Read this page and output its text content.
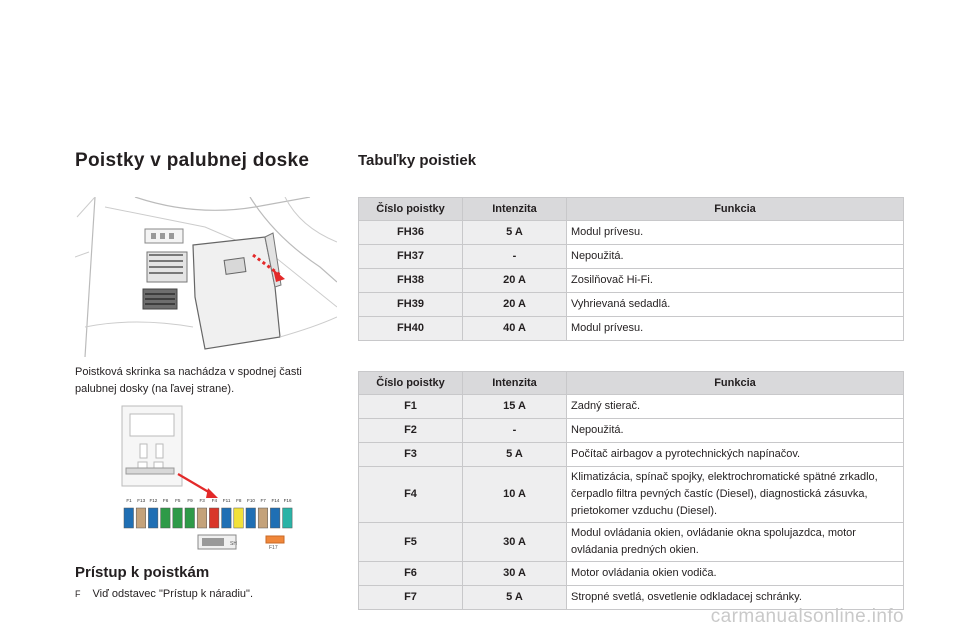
Poistky v palubnej doske	Tabuľky poistiek

Poistková skrinka sa nachádza v spodnej časti palubnej dosky (na ľavej strane).

F1 F13 F12 F6 F5 F9 F3 F4 F11 F8 F10 F7 F14 F16
SH
F17
Prístup k poistkám
F Viď odstavec "Prístup k náradiu".
Číslo poistky	Intenzita	Funkcia
FH36	5 A	Modul prívesu.
FH37	-	Nepoužitá.
FH38	20 A	Zosilňovač Hi-Fi.
FH39	20 A	Vyhrievaná sedadlá.
FH40	40 A	Modul prívesu.
Číslo poistky	Intenzita	Funkcia
F1	15 A	Zadný stierač.
F2	-	Nepoužitá.
F3	5 A	Počítač airbagov a pyrotechnických napínačov.
F4	10 A	Klimatizácia, spínač spojky, elektrochromatické spätné zrkadlo, čerpadlo filtra pevných častíc (Diesel), diagnostická zásuvka, prietokomer vzduchu (Diesel).
F5	30 A	Modul ovládania okien, ovládanie okna spolujazdca, motor ovládania predných okien.
F6	30 A	Motor ovládania okien vodiča.
F7	5 A	Stropné svetlá, osvetlenie odkladacej schránky.
carmanualsonline.info
